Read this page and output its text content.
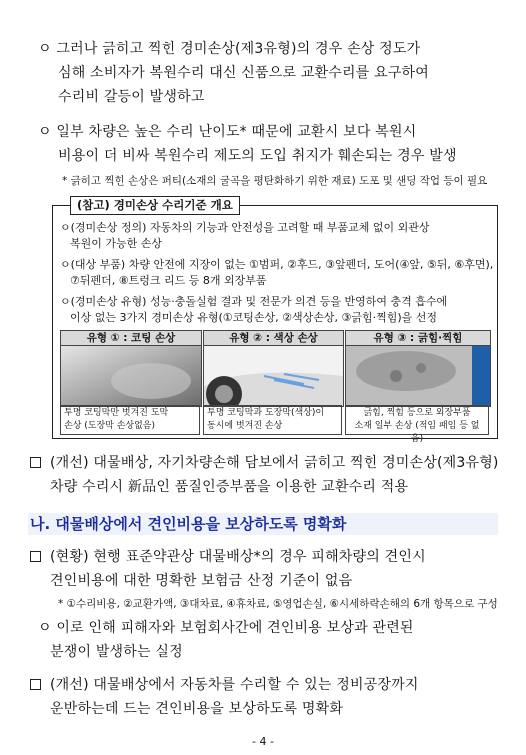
ㅇ 그러나 긁히고 찍힌 경미손상(제3유형)의 경우 손상 정도가
심해 소비자가 복원수리 대신 신품으로 교환수리를 요구하여
수리비 갈등이 발생하고
ㅇ 일부 차량은 높은 수리 난이도* 때문에 교환시 보다 복원시
비용이 더 비싸 복원수리 제도의 도입 취지가 훼손되는 경우 발생
* 긁히고 찍힌 손상은 퍼티(소재의 굴곡을 평탄화하기 위한 재료) 도포 및 샌딩 작업 등이 필요
(참고) 경미손상 수리기준 개요
ㅇ(경미손상 정의) 자동차의 기능과 안전성을 고려할 때 부품교체 없이 외관상
복원이 가능한 손상
ㅇ(대상 부품) 차량 안전에 지장이 없는 ①범퍼, ②후드, ③앞펜더, 도어(④앞, ⑤뒤, ⑥후면),
⑦뒤펜더, ⑧트렁크 리드 등 8개 외장부품
ㅇ(경미손상 유형) 성능·충돌실험 결과 및 전문가 의견 등을 반영하여 충격 흡수에
이상 없는 3가지 경미손상 유형(①코팅손상, ②색상손상, ③긁힘·찍힘)을 선정
유형 ① : 코팅 손상	유형 ② : 색상 손상	유형 ③ : 긁힘·찍힘
투명 코팅막만 벗겨진 도막
손상 (도장막 손상없음)
투명 코팅막과 도장막(색상)이
동시에 벗겨진 손상
긁힘, 찍힘 등으로 외장부품
소재 일부 손상 (적임 패임 등 없음)
(개선) 대물배상, 자기차량손해 담보에서 긁히고 찍힌 경미손상(제3유형)
차량 수리시 新品인 품질인증부품을 이용한 교환수리 적용
나. 대물배상에서 견인비용을 보상하도록 명확화
(현황) 현행 표준약관상 대물배상*의 경우 피해차량의 견인시
견인비용에 대한 명확한 보험금 산정 기준이 없음
* ①수리비용, ②교환가액, ③대차료, ④휴차료, ⑤영업손실, ⑥시세하락손해의 6개 항목으로 구성
ㅇ 이로 인해 피해자와 보험회사간에 견인비용 보상과 관련된
분쟁이 발생하는 실정
(개선) 대물배상에서 자동차를 수리할 수 있는 정비공장까지
운반하는데 드는 견인비용을 보상하도록 명확화
- 4 -
